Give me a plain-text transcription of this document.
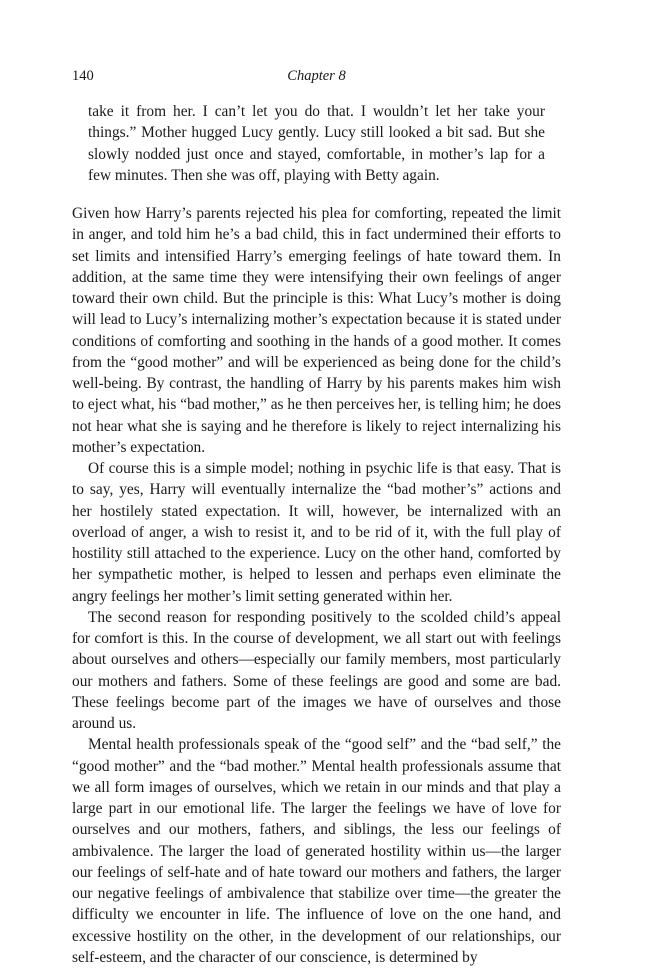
140	Chapter 8

take it from her. I can’t let you do that. I wouldn’t let her take your things.” Mother hugged Lucy gently. Lucy still looked a bit sad. But she slowly nodded just once and stayed, comfortable, in mother’s lap for a few minutes. Then she was off, playing with Betty again.

Given how Harry’s parents rejected his plea for comforting, repeated the limit in anger, and told him he’s a bad child, this in fact undermined their efforts to set limits and intensified Harry’s emerging feelings of hate toward them. In addition, at the same time they were intensifying their own feelings of anger toward their own child. But the principle is this: What Lucy’s mother is doing will lead to Lucy’s internalizing mother’s expectation because it is stated under conditions of comforting and soothing in the hands of a good mother. It comes from the “good mother” and will be experienced as being done for the child’s well-being. By contrast, the handling of Harry by his parents makes him wish to eject what, his “bad mother,” as he then perceives her, is telling him; he does not hear what she is saying and he therefore is likely to reject internalizing his mother’s expectation.

Of course this is a simple model; nothing in psychic life is that easy. That is to say, yes, Harry will eventually internalize the “bad mother’s” actions and her hostilely stated expectation. It will, however, be internalized with an overload of anger, a wish to resist it, and to be rid of it, with the full play of hostility still attached to the experience. Lucy on the other hand, comforted by her sympathetic mother, is helped to lessen and perhaps even eliminate the angry feelings her mother’s limit setting generated within her.

The second reason for responding positively to the scolded child’s appeal for comfort is this. In the course of development, we all start out with feelings about ourselves and others—especially our family members, most particularly our mothers and fathers. Some of these feelings are good and some are bad. These feelings become part of the images we have of ourselves and those around us.

Mental health professionals speak of the “good self” and the “bad self,” the “good mother” and the “bad mother.” Mental health professionals assume that we all form images of ourselves, which we retain in our minds and that play a large part in our emotional life. The larger the feelings we have of love for ourselves and our mothers, fathers, and siblings, the less our feelings of ambivalence. The larger the load of generated hostility within us—the larger our feelings of self-hate and of hate toward our mothers and fathers, the larger our negative feelings of ambivalence that stabilize over time—the greater the difficulty we encounter in life. The influence of love on the one hand, and excessive hostility on the other, in the development of our relationships, our self-esteem, and the character of our conscience, is determined by
